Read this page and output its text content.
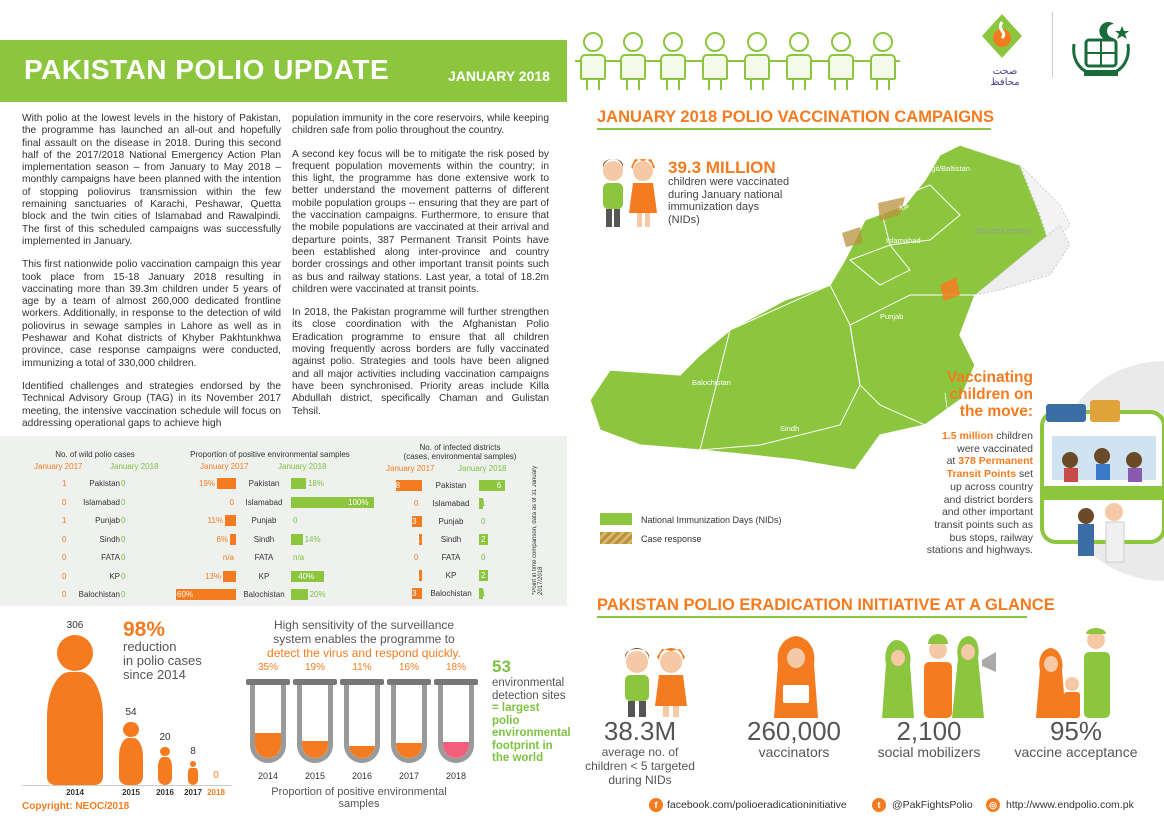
PAKISTAN POLIO UPDATE	JANUARY 2018	صحت محافظ

With polio at the lowest levels in the history of Pakistan, the programme has launched an all-out and hopefully final assault on the disease in 2018. During this second half of the 2017/2018 National Emergency Action Plan implementation season – from January to May 2018 – monthly campaigns have been planned with the intention of stopping poliovirus transmission within the few remaining sanctuaries of Karachi, Peshawar, Quetta block and the twin cities of Islamabad and Rawalpindi. The first of this scheduled campaigns was successfully implemented in January.

This first nationwide polio vaccination campaign this year took place from 15-18 January 2018 resulting in vaccinating more than 39.3m children under 5 years of age by a team of almost 260,000 dedicated frontline workers. Additionally, in response to the detection of wild poliovirus in sewage samples in Lahore as well as in Peshawar and Kohat districts of Khyber Pakhtunkhwa province, case response campaigns were conducted, immunizing a total of 330,000 children.

Identified challenges and strategies endorsed by the Technical Advisory Group (TAG) in its November 2017 meeting, the intensive vaccination schedule will focus on addressing operational gaps to achieve high

population immunity in the core reservoirs, while keeping children safe from polio throughout the country.

A second key focus will be to mitigate the risk posed by frequent population movements within the country; in this light, the programme has done extensive work to better understand the movement patterns of different mobile population groups -- ensuring that they are part of the vaccination campaigns. Furthermore, to ensure that the mobile populations are vaccinated at their arrival and departure points, 387 Permanent Transit Points have been established along inter-province and country border crossings and other important transit points such as bus and railway stations. Last year, a total of 18.2m children were vaccinated at transit points.

In 2018, the Pakistan programme will further strengthen its close coordination with the Afghanistan Polio Eradication programme to ensure that all children moving frequently across borders are fully vaccinated against polio. Strategies and tools have been aligned and all major activities including vaccination campaigns have been synchronised. Priority areas include Killa Abdullah district, specifically Chaman and Gulistan Tehsil.

No. of wild polio cases
January 2017	January 2018
1	Pakistan 0
0	Islamabad 0
1	Punjab 0
0	Sindh 0
0	FATA 0
0	KP 0
0	Balochistan 0
Proportion of positive environmental samples
January 2017	January 2018
19%	Pakistan	18%
0	Islamabad	100%
11%	Punjab	0
6%	Sindh	14%
n/a	FATA	n/a
13%	KP	40%
60%	Balochistan	20%
No. of infected districts
(cases, environmental samples)
January 2017	January 2018
8	Pakistan	6
0	Islamabad	1
3	Punjab	0
1	Sindh	2
0	FATA	0
1	KP	2
3	Balochistan	1	*Point in time comparison, data as of 31 January 2017/2018
98%
reduction
in polio cases
since 2014
306
2014
54
2015
20
2016
8
2017
0
2018
Copyright: NEOC/2018
High sensitivity of the surveillance
system enables the programme to
detect the virus and respond quickly.
35%
2014
19%
2015
11%
2016
16%
2017
18%
2018
Proportion of positive environmental
samples
53
environmental
detection sites
= largest polio
environmental
footprint in
the world
JANUARY 2018 POLIO VACCINATION CAMPAIGNS
Gilgit/Baltistan
KP
Islamabad
FATA
Punjab
Balochistan
Sindh
Disputed territory
39.3 MILLION
children were vaccinated
during January national
immunization days
(NIDs)
National Immunization Days (NIDs)
Case response
Vaccinating
children on
the move:
1.5 million children
were vaccinated
at 378 Permanent
Transit Points set
up across country
and district borders
and other important
transit points such as
bus stops, railway
stations and highways.
PAKISTAN POLIO ERADICATION INITIATIVE AT A GLANCE
38.3M
average no. of
children < 5 targeted
during NIDs
260,000
vaccinators
2,100
social mobilizers
95%
vaccine acceptance
f facebook.com/polioeradicationinitiative	t	@PakFightsPolio	◎ http://www.endpolio.com.pk
